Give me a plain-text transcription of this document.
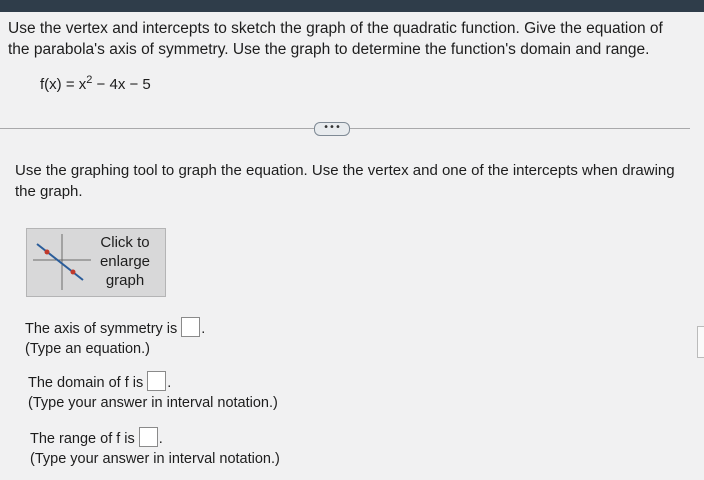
Use the vertex and intercepts to sketch the graph of the quadratic function. Give the equation of the parabola's axis of symmetry. Use the graph to determine the function's domain and range.

$f(x) = x^2 - 4x - 5$
•••

Use the graphing tool to graph the equation. Use the vertex and one of the intercepts when drawing the graph.

Click to
enlarge
graph
The axis of symmetry is .
(Type an equation.)
The domain of f is .
(Type your answer in interval notation.)
The range of f is .
(Type your answer in interval notation.)
